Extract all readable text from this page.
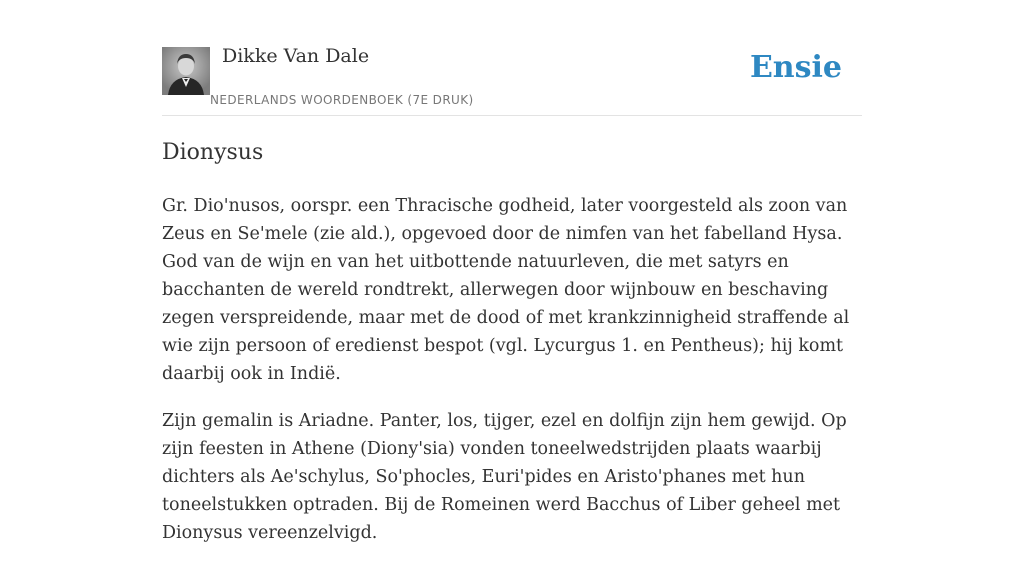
Dikke Van Dale
NEDERLANDS WOORDENBOEK (7E DRUK)
Ensie
Dionysus

Gr. Dio'nusos, oorspr. een Thracische godheid, later voorgesteld als zoon van Zeus en Se'mele (zie ald.), opgevoed door de nimfen van het fabelland Hysa. God van de wijn en van het uitbottende natuurleven, die met satyrs en bacchanten de wereld rondtrekt, allerwegen door wijnbouw en beschaving zegen verspreidende, maar met de dood of met krankzinnigheid straffende al wie zijn persoon of eredienst bespot (vgl. Lycurgus 1. en Pentheus); hij komt daarbij ook in Indië.

Zijn gemalin is Ariadne. Panter, los, tijger, ezel en dolfijn zijn hem gewijd. Op zijn feesten in Athene (Diony'sia) vonden toneelwedstrijden plaats waarbij dichters als Ae'schylus, So'phocles, Euri'pides en Aristo'phanes met hun toneelstukken optraden. Bij de Romeinen werd Bacchus of Liber geheel met Dionysus vereenzelvigd.
